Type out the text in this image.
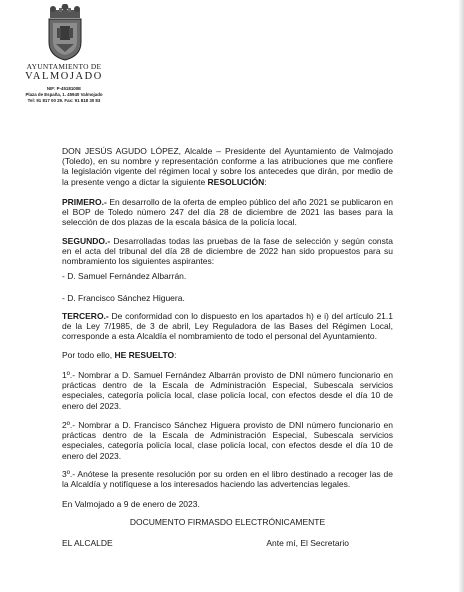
AYUNTAMIENTO DE
VALMOJADO
NIF: P-4518100E
Plaza de España, 1. 45940 Valmojado
Tel: 91 817 00 29. Fax: 91 818 30 83
DON JESÚS AGUDO LÓPEZ, Alcalde – Presidente del Ayuntamiento de Valmojado (Toledo), en su nombre y representación conforme a las atribuciones que me confiere la legislación vigente del régimen local y sobre los antecedes que dirán, por medio de la presente vengo a dictar la siguiente RESOLUCIÓN:
PRIMERO.- En desarrollo de la oferta de empleo público del año 2021 se publicaron en el BOP de Toledo número 247 del día 28 de diciembre de 2021 las bases para la selección de dos plazas de la escala básica de la policía local.
SEGUNDO.- Desarrolladas todas las pruebas de la fase de selección y según consta en el acta del tribunal del día 28 de diciembre de 2022 han sido propuestos para su nombramiento los siguientes aspirantes:
- D. Samuel Fernández Albarrán.
- D. Francisco Sánchez Higuera.
TERCERO.- De conformidad con lo dispuesto en los apartados h) e i) del artículo 21.1 de la Ley 7/1985, de 3 de abril, Ley Reguladora de las Bases del Régimen Local, corresponde a esta Alcaldía el nombramiento de todo el personal del Ayuntamiento.
Por todo ello, HE RESUELTO:
1º.- Nombrar a D. Samuel Fernández Albarrán provisto de DNI número funcionario en prácticas dentro de la Escala de Administración Especial, Subescala servicios especiales, categoría policía local, clase policía local, con efectos desde el día 10 de enero del 2023.
2º.- Nombrar a D. Francisco Sánchez Higuera provisto de DNI número funcionario en prácticas dentro de la Escala de Administración Especial, Subescala servicios especiales, categoría policía local, clase policía local, con efectos desde el día 10 de enero del 2023.
3º.- Anótese la presente resolución por su orden en el libro destinado a recoger las de la Alcaldía y notifíquese a los interesados haciendo las advertencias legales.
En Valmojado a 9 de enero de 2023.
DOCUMENTO FIRMASDO ELECTRÓNICAMENTE
EL ALCALDE	Ante mí, El Secretario
